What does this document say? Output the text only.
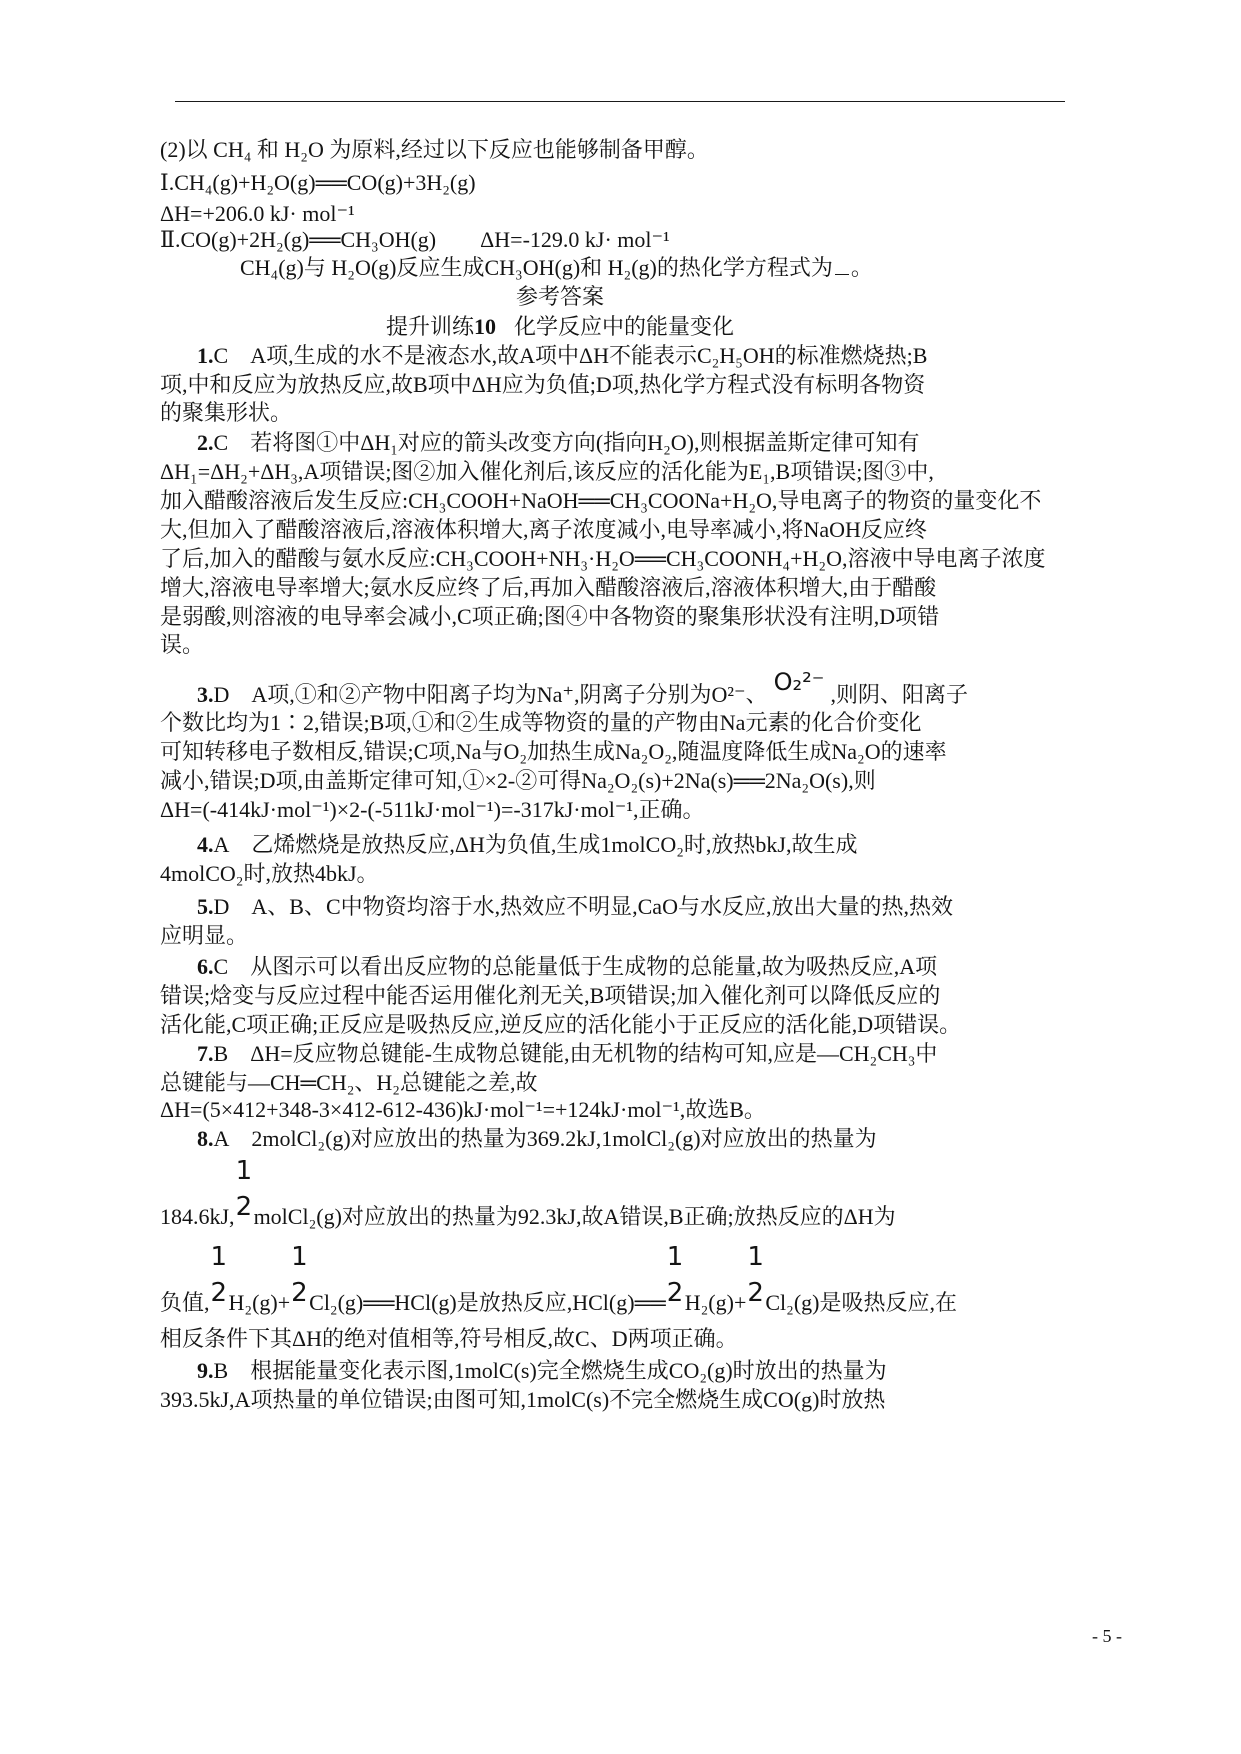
(2)以 CH₄ 和 H₂O 为原料,经过以下反应也能够制备甲醇。
Ⅰ.CH₄(g)+H₂O(g)══CO(g)+3H₂(g)
ΔH=+206.0 kJ· mol⁻¹
Ⅱ.CO(g)+2H₂(g)══CH₃OH(g) ΔH=-129.0 kJ· mol⁻¹
CH₄(g)与 H₂O(g)反应生成CH₃OH(g)和 H₂(g)的热化学方程式为 。
参考答案
提升训练10 化学反应中的能量变化
1.C A项,生成的水不是液态水,故A项中ΔH不能表示C₂H₅OH的标准燃烧热;B
项,中和反应为放热反应,故B项中ΔH应为负值;D项,热化学方程式没有标明各物资
的聚集形状。
2.C 若将图①中ΔH₁对应的箭头改变方向(指向H₂O),则根据盖斯定律可知有
ΔH₁=ΔH₂+ΔH₃,A项错误;图②加入催化剂后,该反应的活化能为E₁,B项错误;图③中,
加入醋酸溶液后发生反应:CH₃COOH+NaOH══CH₃COONa+H₂O,导电离子的物资的量变化不
大,但加入了醋酸溶液后,溶液体积增大,离子浓度减小,电导率减小,将NaOH反应终
了后,加入的醋酸与氨水反应:CH₃COOH+NH₃·H₂O══CH₃COONH₄+H₂O,溶液中导电离子浓度
增大,溶液电导率增大;氨水反应终了后,再加入醋酸溶液后,溶液体积增大,由于醋酸
是弱酸,则溶液的电导率会减小,C项正确;图④中各物资的聚集形状没有注明,D项错
误。
3.D A项,①和②产物中阳离子均为Na⁺,阴离子分别为O²⁻、 O₂²⁻ ,则阴、阳离子
个数比均为1∶2,错误;B项,①和②生成等物资的量的产物由Na元素的化合价变化
可知转移电子数相反,错误;C项,Na与O₂加热生成Na₂O₂,随温度降低生成Na₂O的速率
减小,错误;D项,由盖斯定律可知,①×2-②可得Na₂O₂(s)+2Na(s)══2Na₂O(s),则
ΔH=(-414kJ·mol⁻¹)×2-(-511kJ·mol⁻¹)=-317kJ·mol⁻¹,正确。
4.A 乙烯燃烧是放热反应,ΔH为负值,生成1molCO₂时,放热bkJ,故生成
4molCO₂时,放热4bkJ。
5.D A、B、C中物资均溶于水,热效应不明显,CaO与水反应,放出大量的热,热效
应明显。
6.C 从图示可以看出反应物的总能量低于生成物的总能量,故为吸热反应,A项
错误;焓变与反应过程中能否运用催化剂无关,B项错误;加入催化剂可以降低反应的
活化能,C项正确;正反应是吸热反应,逆反应的活化能小于正反应的活化能,D项错误。
7.B ΔH=反应物总键能-生成物总键能,由无机物的结构可知,应是—CH₂CH₃中
总键能与—CH═CH₂、H₂总键能之差,故
ΔH=(5×412+348-3×412-612-436)kJ·mol⁻¹=+124kJ·mol⁻¹,故选B。
8.A 2molCl₂(g)对应放出的热量为369.2kJ,1molCl₂(g)对应放出的热量为
184.6kJ,
1
2 molCl₂(g)对应放出的热量为92.3kJ,故A错误,B正确;放热反应的ΔH为
负值,
1
2 H₂(g)+
1
2 Cl₂(g)══HCl(g)是放热反应,HCl(g)══
1
2 H₂(g)+
1
2 Cl₂(g)是吸热反应,在
相反条件下其ΔH的绝对值相等,符号相反,故C、D两项正确。
9.B 根据能量变化表示图,1molC(s)完全燃烧生成CO₂(g)时放出的热量为
393.5kJ,A项热量的单位错误;由图可知,1molC(s)不完全燃烧生成CO(g)时放热
- 5 -
